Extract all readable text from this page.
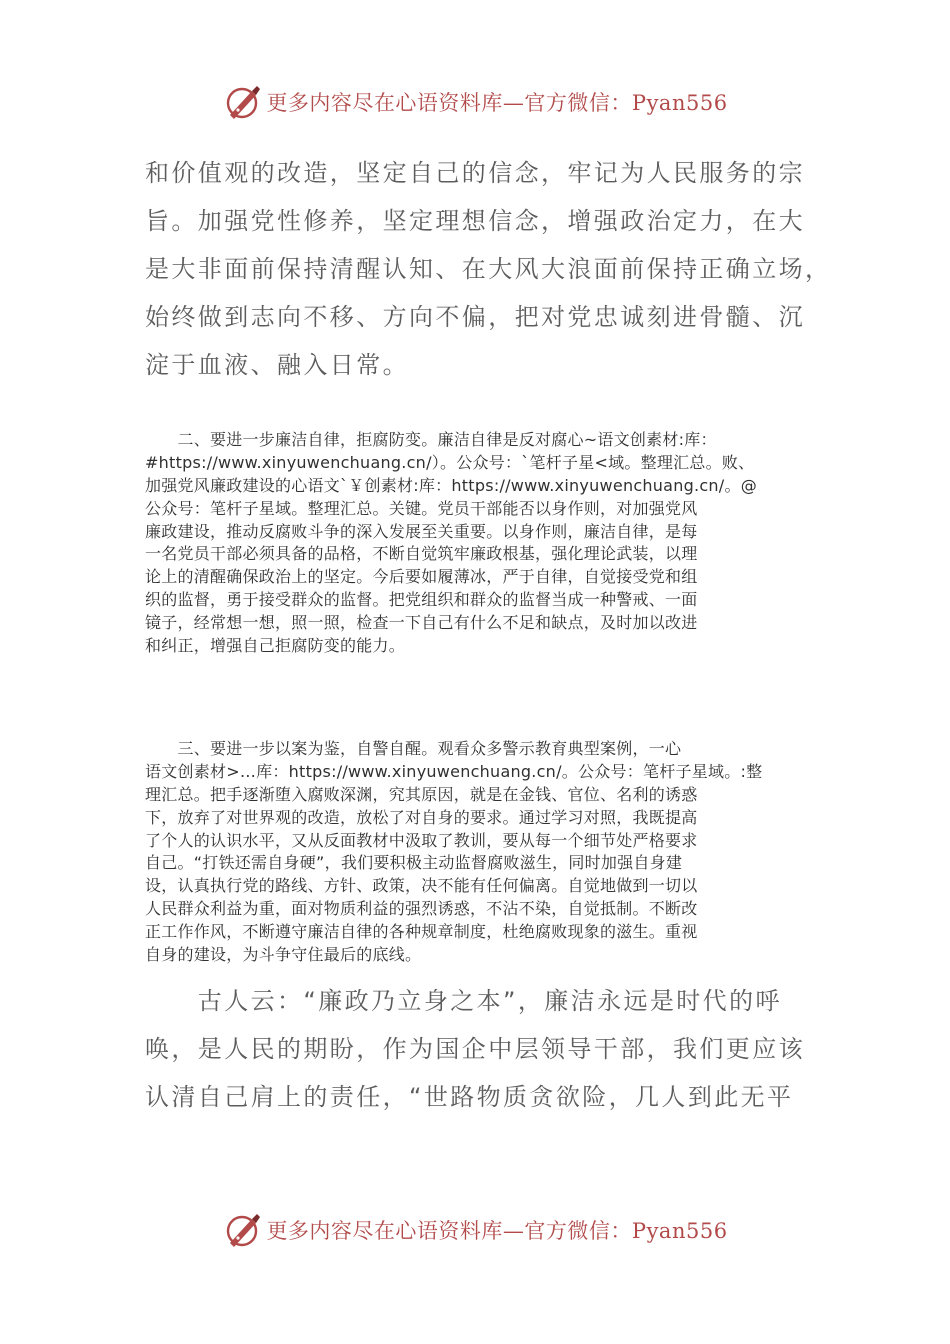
更多内容尽在心语资料库—官方微信：Pyan556
和价值观的改造，坚定自己的信念，牢记为人民服务的宗
旨。加强党性修养，坚定理想信念，增强政治定力，在大
是大非面前保持清醒认知、在大风大浪面前保持正确立场，
始终做到志向不移、方向不偏，把对党忠诚刻进骨髓、沉
淀于血液、融入日常。
　　二、要进一步廉洁自律，拒腐防变。廉洁自律是反对腐心~语文创素材:库：
#https://www.xinyuwenchuang.cn/）。公众号：`笔杆子星<域。整理汇总。败、
加强党风廉政建设的心语文`￥创素材:库：https://www.xinyuwenchuang.cn/。@
公众号：笔杆子星域。整理汇总。关键。党员干部能否以身作则，对加强党风
廉政建设，推动反腐败斗争的深入发展至关重要。以身作则，廉洁自律，是每
一名党员干部必须具备的品格，不断自觉筑牢廉政根基，强化理论武装，以理
论上的清醒确保政治上的坚定。今后要如履薄冰，严于自律，自觉接受党和组
织的监督，勇于接受群众的监督。把党组织和群众的监督当成一种警戒、一面
镜子，经常想一想，照一照，检查一下自己有什么不足和缺点，及时加以改进
和纠正，增强自己拒腐防变的能力。
　　三、要进一步以案为鉴，自警自醒。观看众多警示教育典型案例，一心
语文创素材>…库：https://www.xinyuwenchuang.cn/。公众号：笔杆子星域。:整
理汇总。把手逐渐堕入腐败深渊，究其原因，就是在金钱、官位、名利的诱惑
下，放弃了对世界观的改造，放松了对自身的要求。通过学习对照，我既提高
了个人的认识水平，又从反面教材中汲取了教训，要从每一个细节处严格要求
自己。“打铁还需自身硬”，我们要积极主动监督腐败滋生，同时加强自身建
设，认真执行党的路线、方针、政策，决不能有任何偏离。自觉地做到一切以
人民群众利益为重，面对物质利益的强烈诱惑，不沾不染，自觉抵制。不断改
正工作作风，不断遵守廉洁自律的各种规章制度，杜绝腐败现象的滋生。重视
自身的建设，为斗争守住最后的底线。
　　古人云：“廉政乃立身之本”，廉洁永远是时代的呼
唤，是人民的期盼，作为国企中层领导干部，我们更应该
认清自己肩上的责任，“世路物质贪欲险，几人到此无平
更多内容尽在心语资料库—官方微信：Pyan556
